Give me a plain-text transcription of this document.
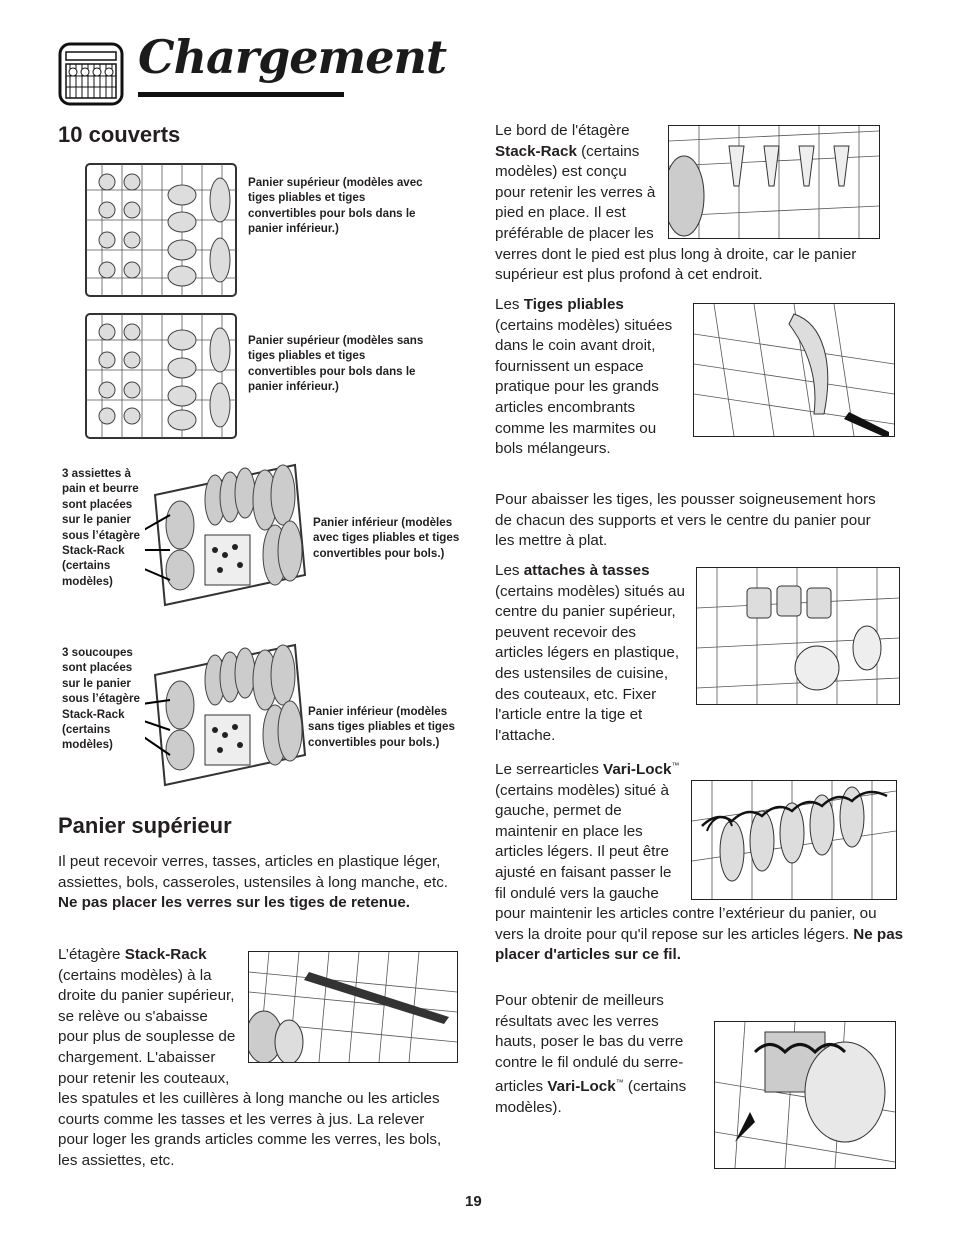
Chargement
10 couverts
Panier supérieur (modèles avec tiges pliables et tiges convertibles pour bols dans le panier inférieur.)
Panier supérieur (modèles sans tiges pliables et tiges convertibles pour bols dans le panier inférieur.)
3 assiettes à pain et beurre sont placées sur le panier sous l’étagère Stack-Rack (certains modèles)
Panier inférieur (modèles avec tiges pliables et tiges convertibles pour bols.)
3 soucoupes sont placées sur le panier sous l’étagère Stack-Rack (certains modèles)
Panier inférieur (modèles sans tiges pliables et tiges convertibles pour bols.)
Panier supérieur
Il peut recevoir verres, tasses, articles en plastique léger, assiettes, bols, casseroles, ustensiles à long manche, etc. Ne pas placer les verres sur les tiges de retenue.
L’étagère Stack-Rack (certains modèles) à la droite du panier supérieur, se relève ou s'abaisse pour plus de souplesse de chargement. L'abaisser pour retenir les couteaux, les spatules et les cuillères à long manche ou les articles courts comme les tasses et les verres à jus. La relever pour loger les grands articles comme les verres, les bols, les assiettes, etc.
Le bord de l'étagère Stack-Rack (certains modèles) est conçu pour retenir les verres à pied en place. Il est préférable de placer les verres dont le pied est plus long à droite, car le panier supérieur est plus profond à cet endroit.
Les Tiges pliables (certains modèles) situées dans le coin avant droit, fournissent un espace pratique pour les grands articles encombrants comme les marmites ou bols mélangeurs.
Pour abaisser les tiges, les pousser soigneusement hors de chacun des supports et vers le centre du panier pour les mettre à plat.
Les attaches à tasses (certains modèles) situés au centre du panier supérieur, peuvent recevoir des articles légers en plastique, des ustensiles de cuisine, des couteaux, etc. Fixer l'article entre la tige et l'attache.
Le serrearticles Vari-Lock™ (certains modèles) situé à gauche, permet de maintenir en place les articles légers. Il peut être ajusté en faisant passer le fil ondulé vers la gauche pour maintenir les articles contre l’extérieur du panier, ou vers la droite pour qu'il repose sur les articles légers. Ne pas placer d'articles sur ce fil.
Pour obtenir de meilleurs résultats avec les verres hauts, poser le bas du verre contre le fil ondulé du serre-articles Vari-Lock™ (certains modèles).
19
